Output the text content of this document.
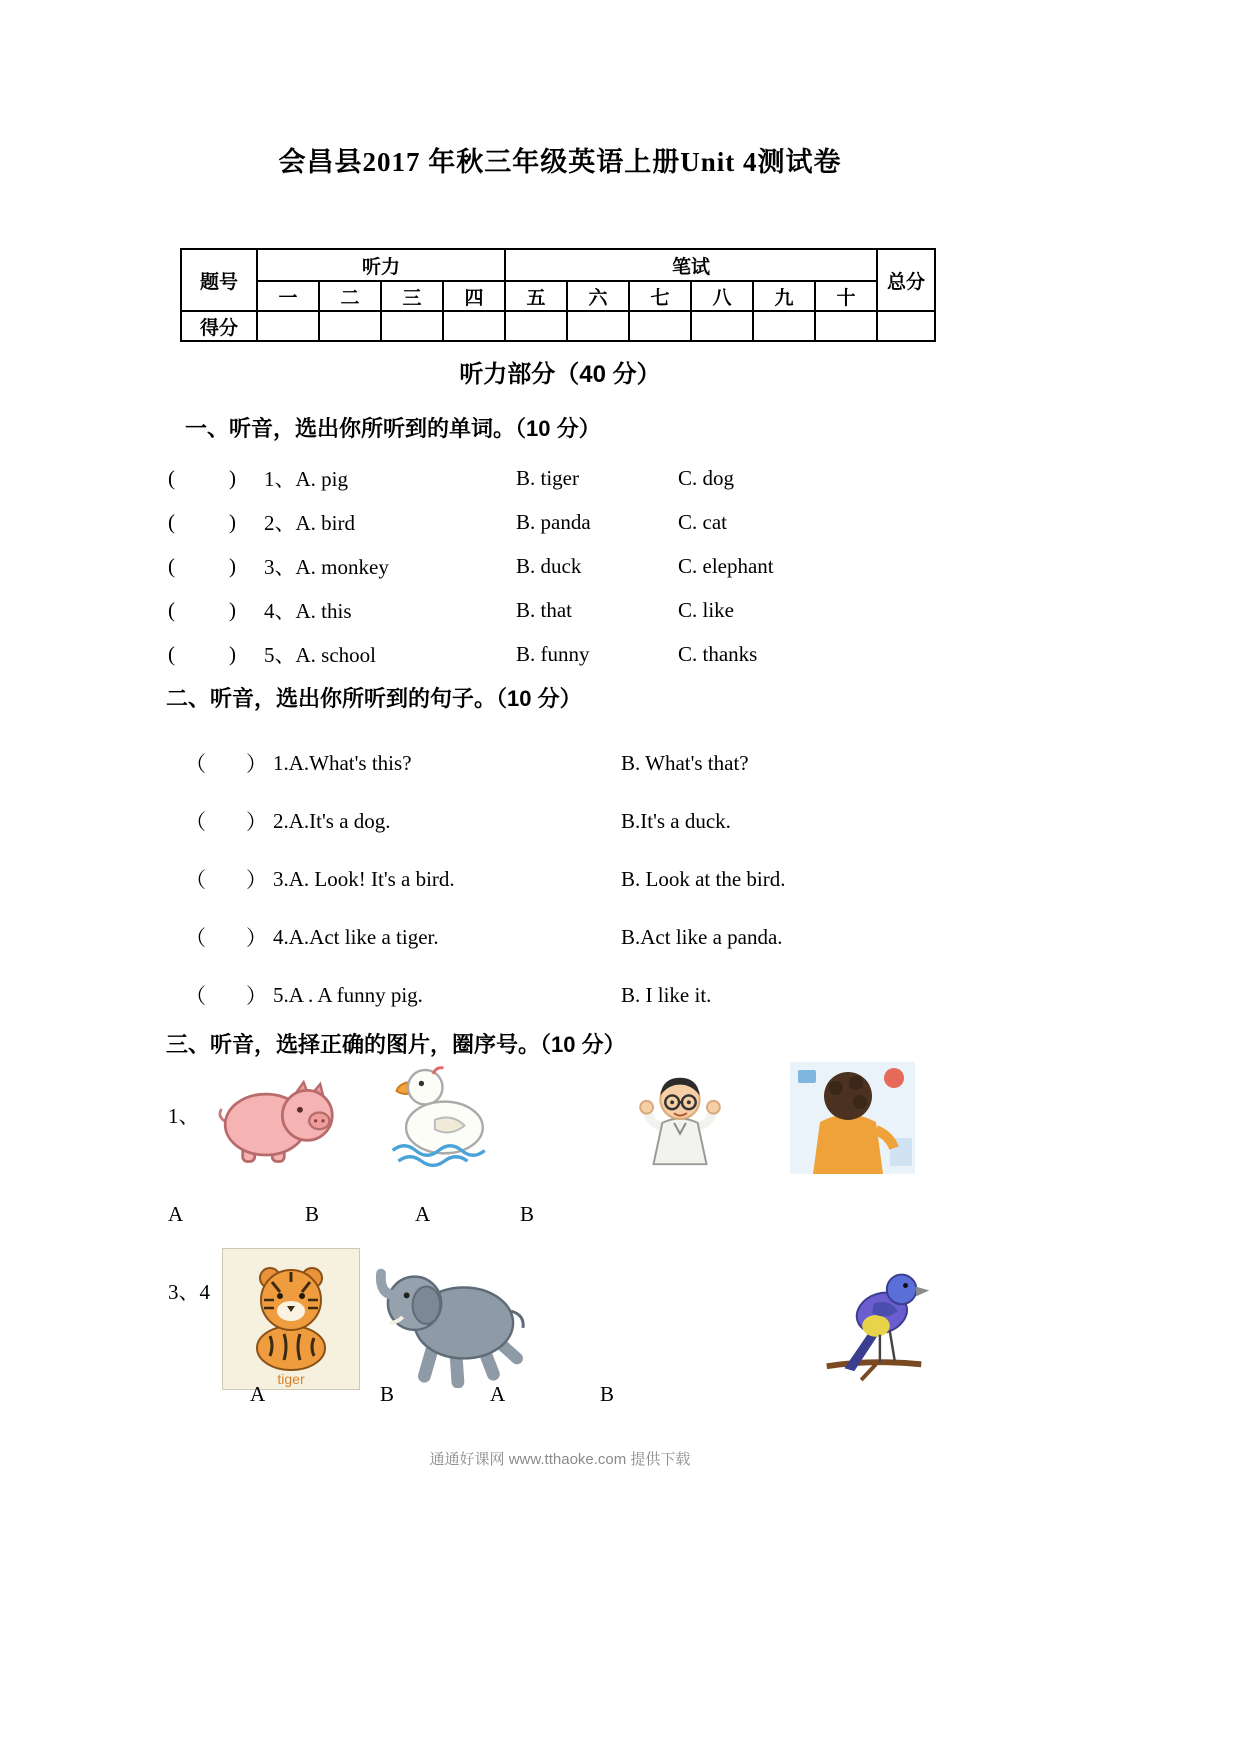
会昌县2017 年秋三年级英语上册Unit 4测试卷
题号	听力				笔试						总分
	一	二	三	四	五	六	七	八	九	十	
得分											
听力部分（40 分）
一、听音，选出你所听到的单词。（10 分）
(	) 1、A. pig	B. tiger	C. dog
(	) 2、A. bird	B. panda	C. cat
(	) 3、A. monkey	B. duck	C. elephant
(	) 4、A. this	B. that	C. like
(	) 5、A. school	B. funny	C. thanks
二、听音，选出你所听到的句子。（10 分）
（ ） 1.A.What's this?	B. What's that?
（ ） 2.A.It's a dog.	B.It's a duck.
（ ） 3.A. Look! It's a bird.	B. Look at the bird.
（ ） 4.A.Act like a tiger.	B.Act like a panda.
（ ） 5.A . A funny pig.	B. I like it.
三、听音，选择正确的图片，圈序号。（10 分）
1、
A	B	A	B
3、4
tiger
A	B	A	B
通通好课网 www.tthaoke.com 提供下载
